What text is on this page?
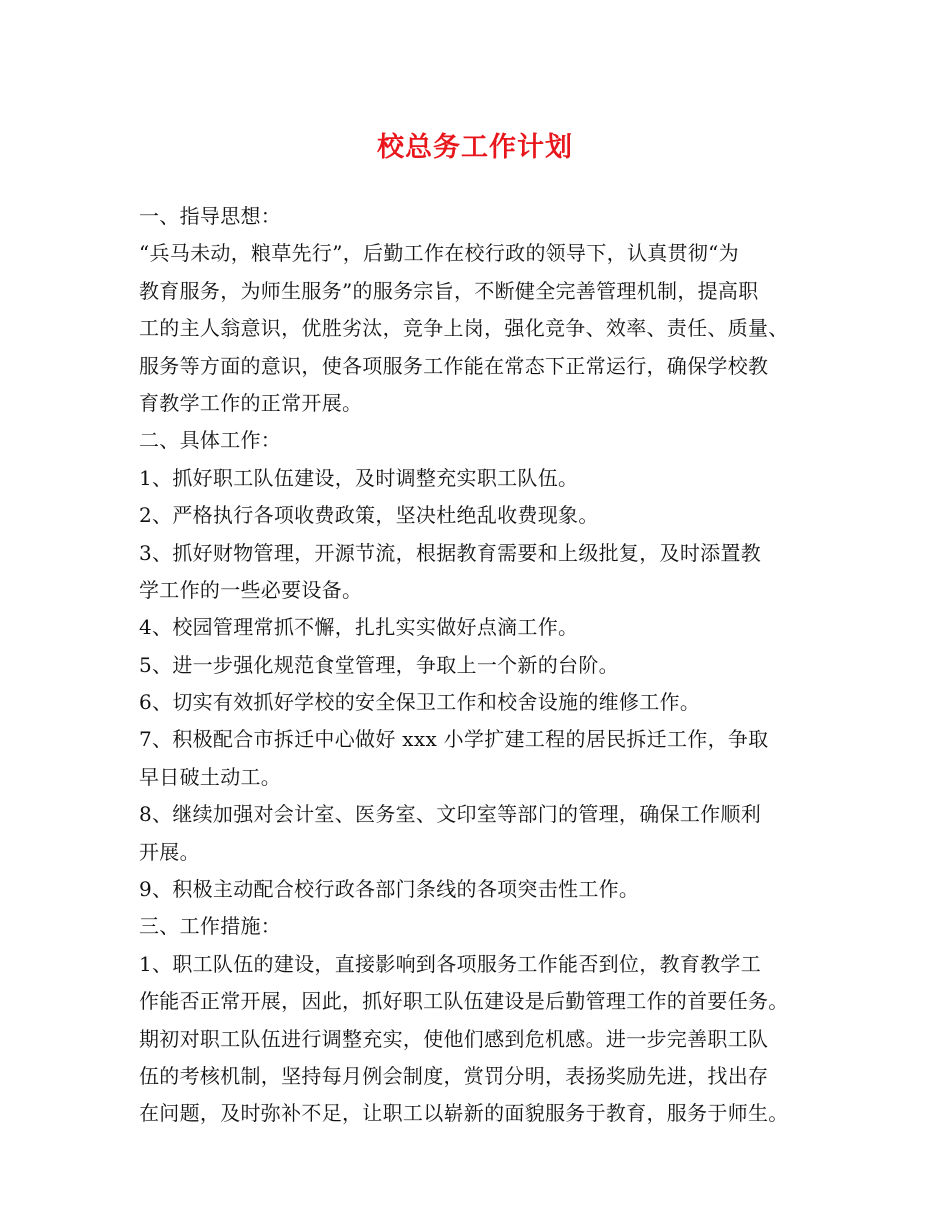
校总务工作计划
一、指导思想：
“兵马未动，粮草先行”，后勤工作在校行政的领导下，认真贯彻“为
教育服务，为师生服务”的服务宗旨，不断健全完善管理机制，提高职
工的主人翁意识，优胜劣汰，竞争上岗，强化竞争、效率、责任、质量、
服务等方面的意识，使各项服务工作能在常态下正常运行，确保学校教
育教学工作的正常开展。
二、具体工作：
1、抓好职工队伍建设，及时调整充实职工队伍。
2、严格执行各项收费政策，坚决杜绝乱收费现象。
3、抓好财物管理，开源节流，根据教育需要和上级批复，及时添置教
学工作的一些必要设备。
4、校园管理常抓不懈，扎扎实实做好点滴工作。
5、进一步强化规范食堂管理，争取上一个新的台阶。
6、切实有效抓好学校的安全保卫工作和校舍设施的维修工作。
7、积极配合市拆迁中心做好 xxx 小学扩建工程的居民拆迁工作，争取
早日破土动工。
8、继续加强对会计室、医务室、文印室等部门的管理，确保工作顺利
开展。
9、积极主动配合校行政各部门条线的各项突击性工作。
三、工作措施：
1、职工队伍的建设，直接影响到各项服务工作能否到位，教育教学工
作能否正常开展，因此，抓好职工队伍建设是后勤管理工作的首要任务。
期初对职工队伍进行调整充实，使他们感到危机感。进一步完善职工队
伍的考核机制，坚持每月例会制度，赏罚分明，表扬奖励先进，找出存
在问题，及时弥补不足，让职工以崭新的面貌服务于教育，服务于师生。
